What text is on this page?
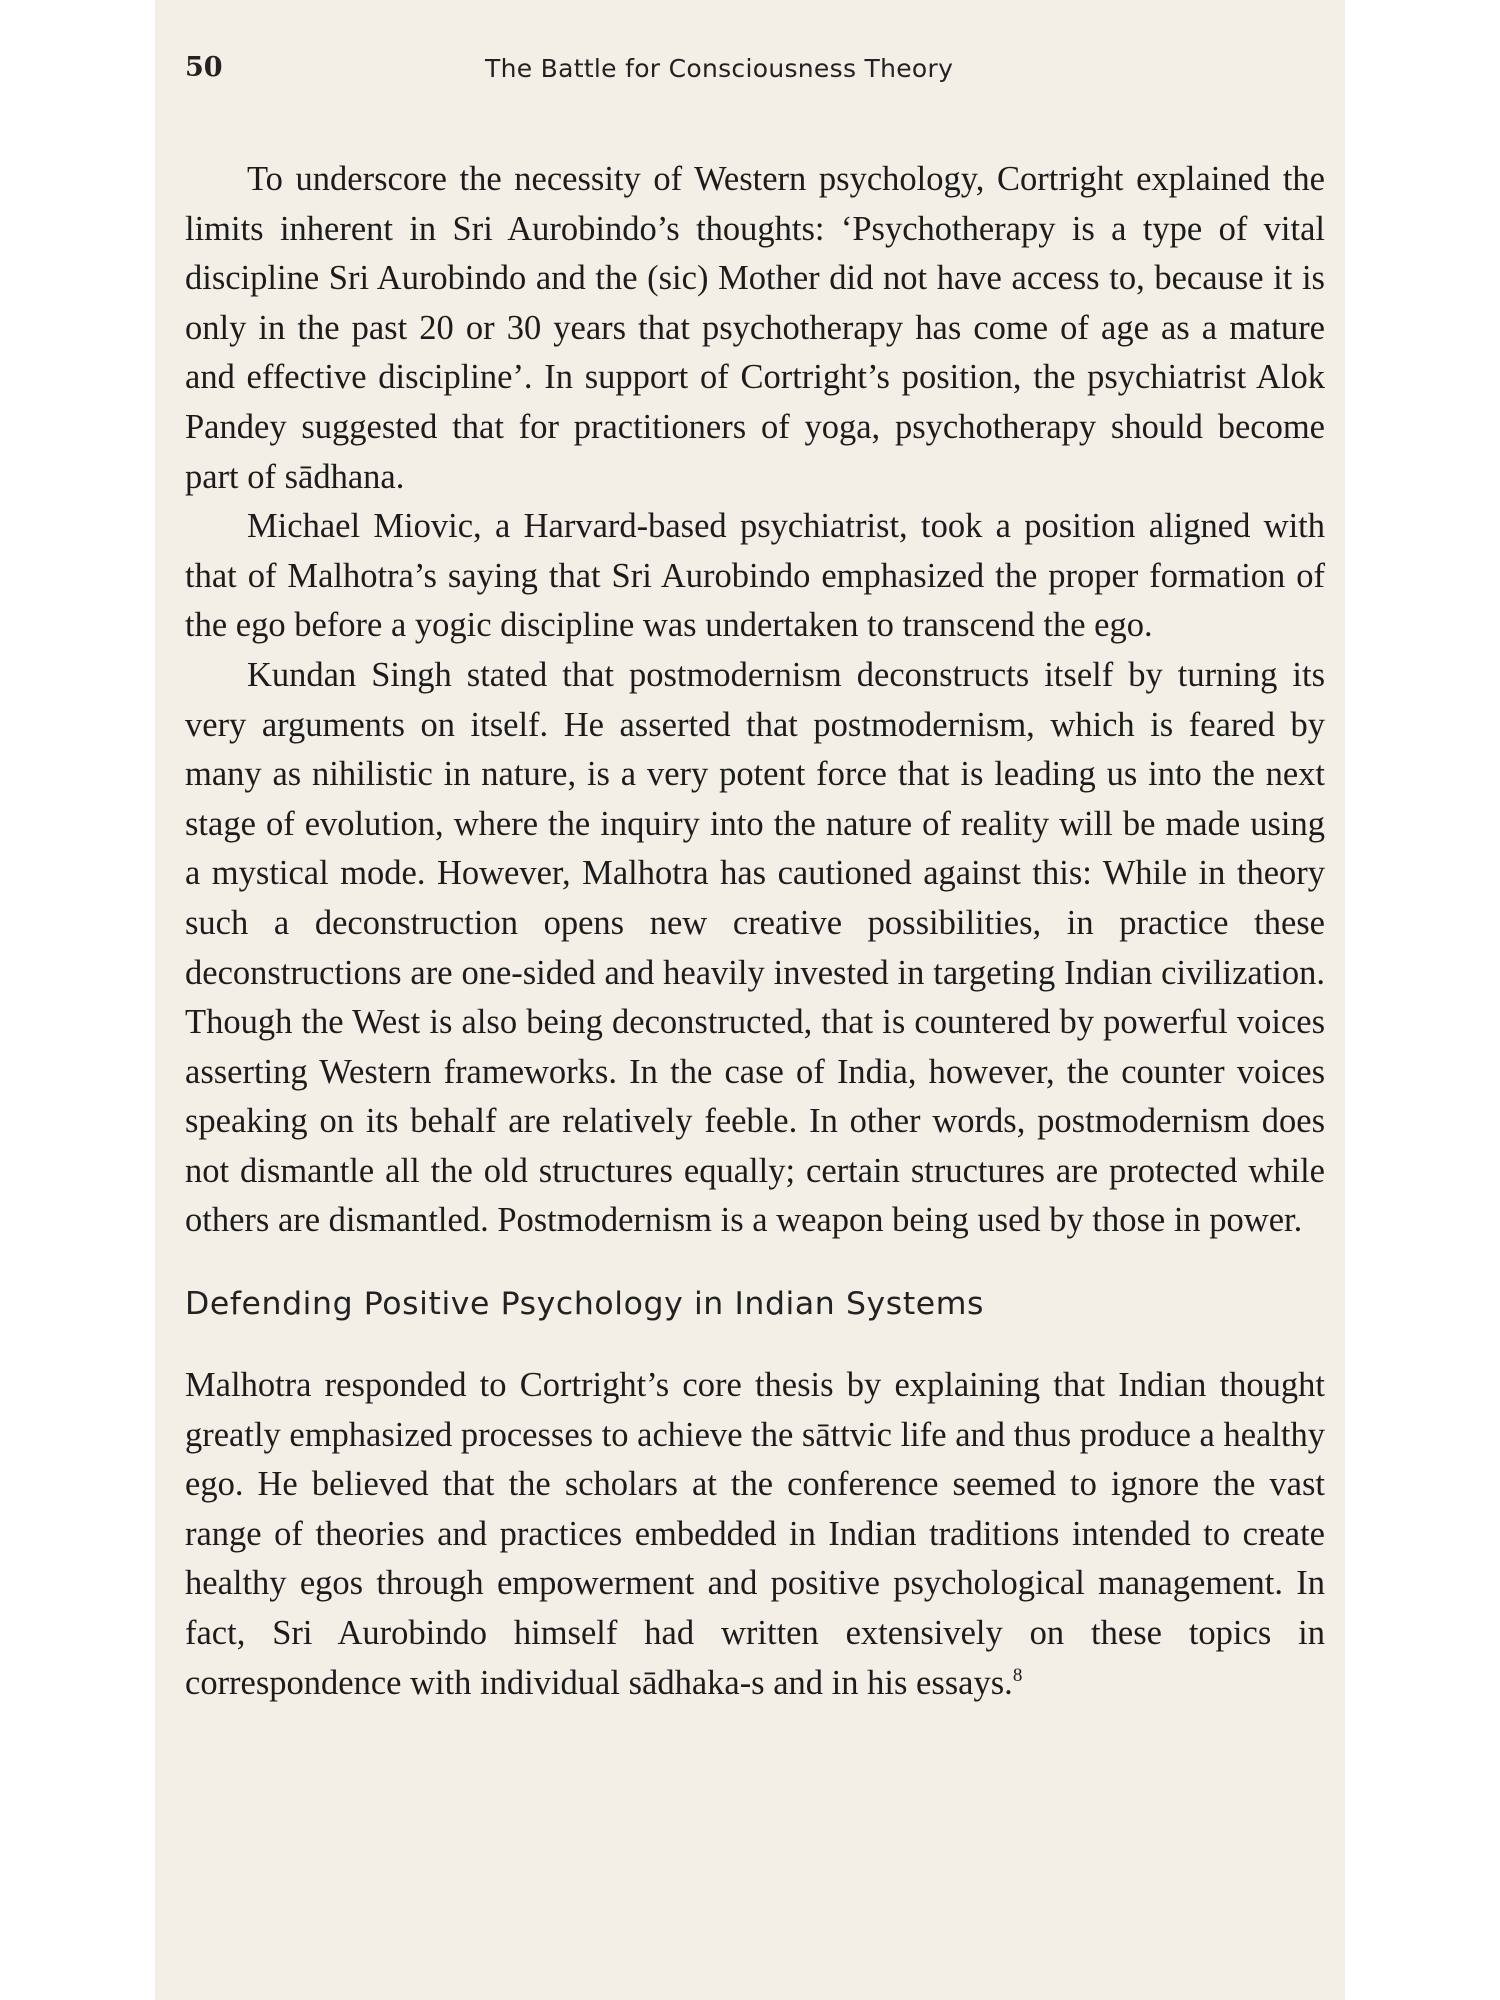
50	The Battle for Consciousness Theory

To underscore the necessity of Western psychology, Cortright explained the limits inherent in Sri Aurobindo’s thoughts: ‘Psychotherapy is a type of vital discipline Sri Aurobindo and the (sic) Mother did not have access to, because it is only in the past 20 or 30 years that psychotherapy has come of age as a mature and effective discipline’. In support of Cortright’s position, the psychiatrist Alok Pandey suggested that for practitioners of yoga, psychotherapy should become part of sādhana.

Michael Miovic, a Harvard-based psychiatrist, took a position aligned with that of Malhotra’s saying that Sri Aurobindo emphasized the proper formation of the ego before a yogic discipline was undertaken to transcend the ego.

Kundan Singh stated that postmodernism deconstructs itself by turning its very arguments on itself. He asserted that postmodernism, which is feared by many as nihilistic in nature, is a very potent force that is leading us into the next stage of evolution, where the inquiry into the nature of reality will be made using a mystical mode. However, Malhotra has cautioned against this: While in theory such a deconstruction opens new creative possibilities, in practice these deconstructions are one-sided and heavily invested in targeting Indian civilization. Though the West is also being deconstructed, that is countered by powerful voices asserting Western frameworks. In the case of India, however, the counter voices speaking on its behalf are relatively feeble. In other words, postmodernism does not dismantle all the old structures equally; certain structures are protected while others are dismantled. Postmodernism is a weapon being used by those in power.

Defending Positive Psychology in Indian Systems

Malhotra responded to Cortright’s core thesis by explaining that Indian thought greatly emphasized processes to achieve the sāttvic life and thus produce a healthy ego. He believed that the scholars at the conference seemed to ignore the vast range of theories and practices embedded in Indian traditions intended to create healthy egos through empowerment and positive psychological management. In fact, Sri Aurobindo himself had written extensively on these topics in correspondence with individual sādhaka-s and in his essays.$^8$
